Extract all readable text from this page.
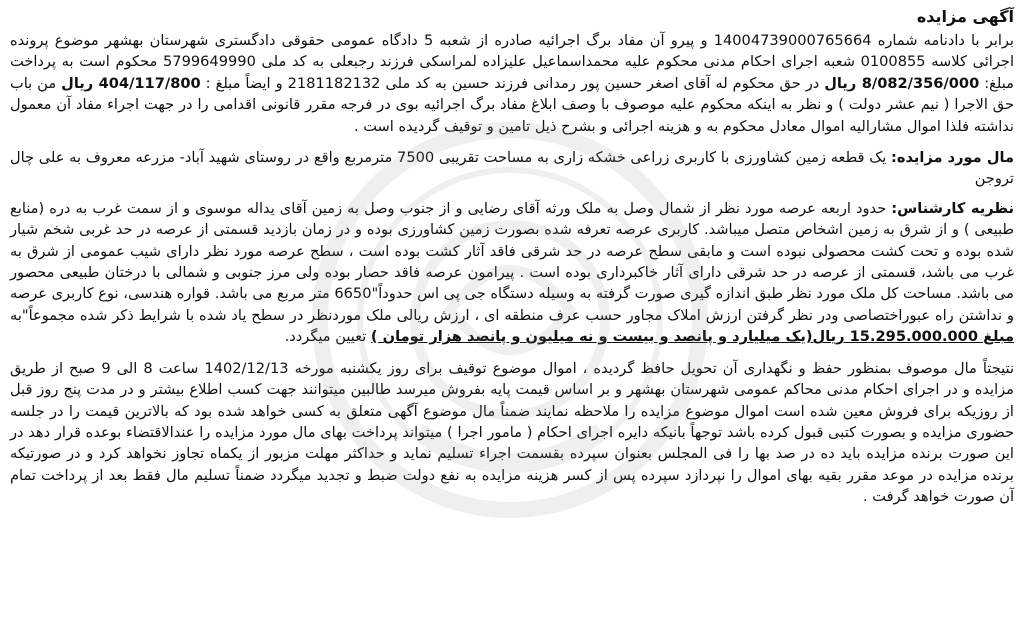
آگهی مزایده

برابر با دادنامه شماره 14004739000765664 و پیرو آن مفاد برگ اجرائیه صادره از شعبه 5 دادگاه عمومی حقوقی دادگستری شهرستان بهشهر موضوع پرونده اجرائی کلاسه 0100855 شعبه اجرای احکام مدنی محکوم علیه محمداسماعیل علیزاده لمراسکی فرزند رجبعلی به کد ملی 5799649990 محکوم است به پرداخت مبلغ: 8/082/356/000 ریال در حق محکوم له آقای اصغر حسین پور رمدانی فرزند حسین به کد ملی 2181182132 و ایضاً مبلغ : 404/117/800 ریال من باب حق الاجرا ( نیم عشر دولت ) و نظر به اینکه محکوم علیه موصوف با وصف ابلاغ مفاد برگ اجرائیه بوی در فرجه مقرر قانونی اقدامی را در جهت اجراء مفاد آن معمول نداشته فلذا اموال مشارالیه اموال معادل محکوم به و هزینه اجرائی و بشرح ذیل تامین و توقیف گردیده است .

مال مورد مزایده: یک قطعه زمین کشاورزی با کاربری زراعی خشکه زاری به مساحت تقریبی 7500 مترمربع واقع در روستای شهید آباد- مزرعه معروف به علی چال تروجن

نظریه کارشناس: حدود اربعه عرصه مورد نظر از شمال وصل به ملک ورثه آقای رضایی و از جنوب وصل به زمین آقای یداله موسوی و از سمت غرب به دره (منابع طبیعی ) و از شرق به زمین اشخاص متصل میباشد. کاربری عرصه تعرفه شده بصورت زمین کشاورزی بوده و در زمان بازدید قسمتی از عرصه در حد غربی شخم شیار شده بوده و تحت کشت محصولی نبوده است و مابقی سطح عرصه در حد شرقی فاقد آثار کشت بوده است ، سطح عرصه مورد نظر دارای شیب عمومی از شرق به غرب می باشد، قسمتی از عرصه در حد شرقی دارای آثار خاکبرداری بوده است . پیرامون عرصه فاقد حصار بوده ولی مرز جنوبی و شمالی با درختان طبیعی محصور می باشد. مساحت کل ملک مورد نظر طبق اندازه گیری صورت گرفته به وسیله دستگاه جی پی اس حدوداً"6650 متر مربع می باشد. قواره هندسی، نوع کاربری عرصه و نداشتن راه عبوراختصاصی ودر نظر گرفتن ارزش املاک مجاور حسب عرف منطقه ای ، ارزش ریالی ملک موردنظر در سطح یاد شده با شرایط ذکر شده مجموعاً"به مبلغ 15.295.000.000 ریال(یک میلیارد و پانصد و بیست و نه میلیون و پانصد هزار تومان ) تعیین میگردد.

نتیجتاً مال موصوف بمنظور حفظ و نگهداری آن تحویل حافظ گردیده ، اموال موضوع توقیف برای روز یکشنبه مورخه 1402/12/13 ساعت 8 الی 9 صبح از طریق مزایده و در اجرای احکام مدنی محاکم عمومی شهرستان بهشهر و بر اساس قیمت پایه بفروش میرسد طالبین میتوانند جهت کسب اطلاع بیشتر و در مدت پنج روز قبل از روزیکه برای فروش معین شده است اموال موضوع مزایده را ملاحظه نمایند ضمناً مال موضوع آگهی متعلق به کسی خواهد شده بود که بالاترین قیمت را در جلسه حضوری مزایده و بصورت کتبی قبول کرده باشد توجهاً بانیکه دایره اجرای احکام ( مامور اجرا ) میتواند پرداخت بهای مال مورد مزایده را عندالاقتضاء بوعده قرار دهد در این صورت برنده مزایده باید ده در صد بها را فی المجلس بعنوان سپرده بقسمت اجراء تسلیم نماید و حداکثر مهلت مزبور از یکماه تجاوز نخواهد کرد و در صورتیکه برنده مزایده در موعد مقرر بقیه بهای اموال را نپردازد سپرده پس از کسر هزینه مزایده به نفع دولت ضبط و تجدید میگردد ضمناً تسلیم مال فقط بعد از پرداخت تمام آن صورت خواهد گرفت .
